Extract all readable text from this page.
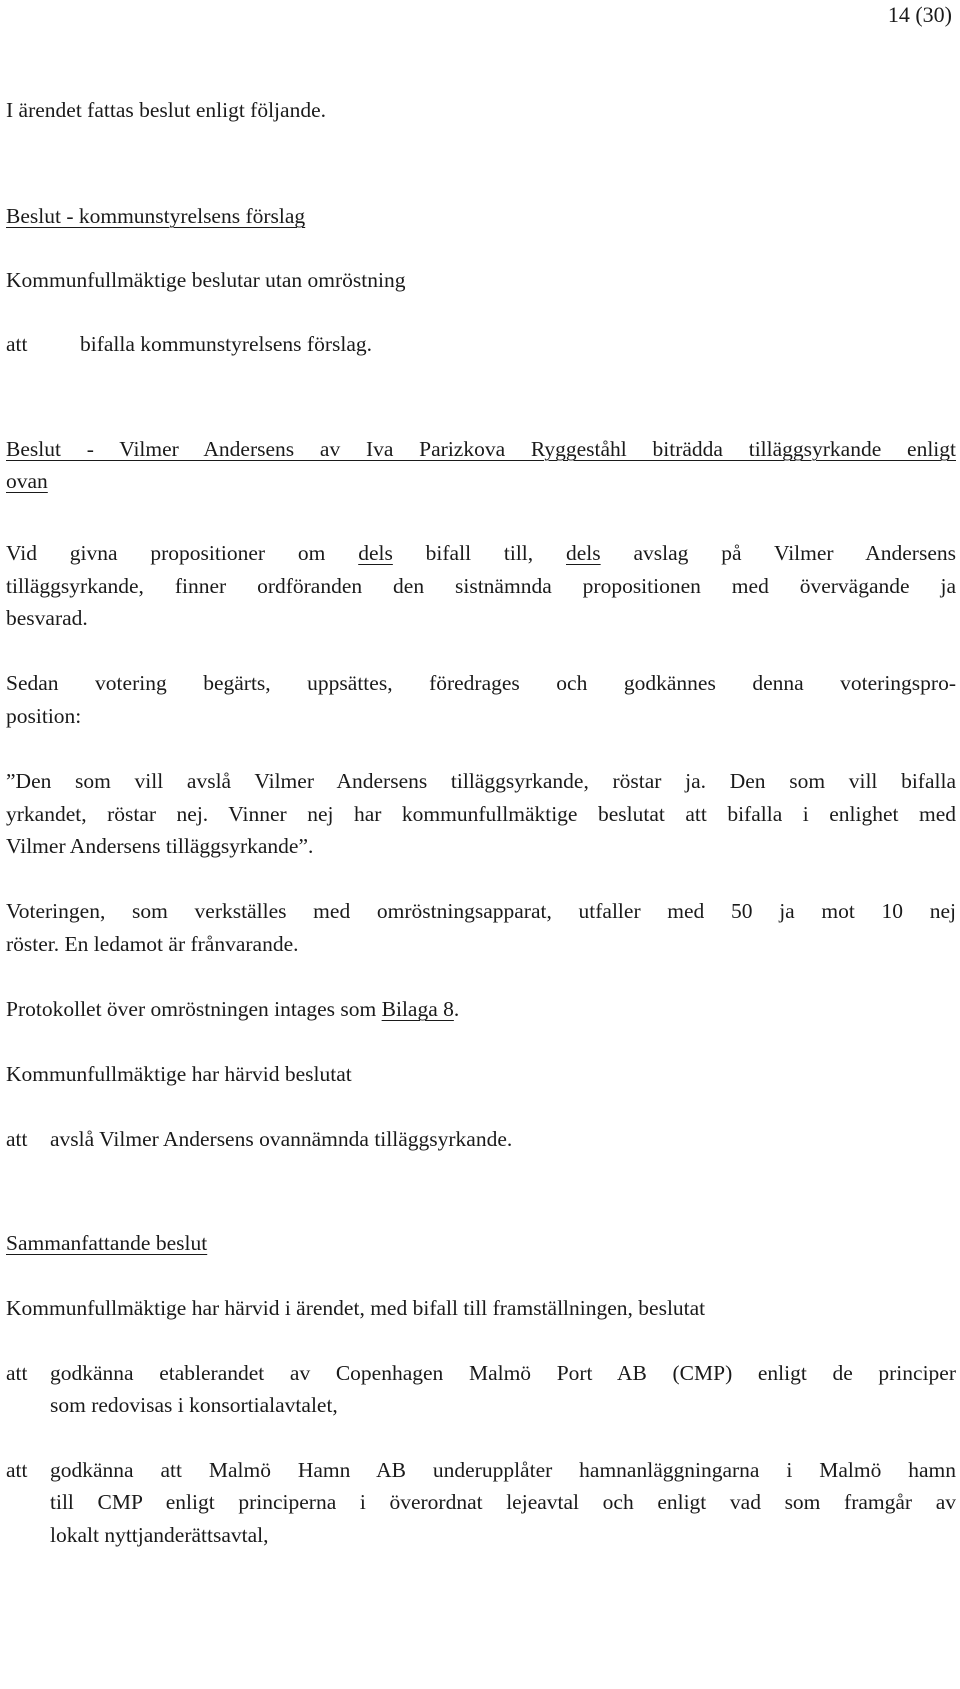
14 (30)
I ärendet fattas beslut enligt följande.
Beslut - kommunstyrelsens förslag
Kommunfullmäktige beslutar utan omröstning
att bifalla kommunstyrelsens förslag.
Beslut - Vilmer Andersens av Iva Parizkova Ryggeståhl biträdda tilläggsyrkande enligt
ovan
Vid givna propositioner om dels bifall till, dels avslag på Vilmer Andersens
tilläggsyrkande, finner ordföranden den sistnämnda propositionen med övervägande ja
besvarad.
Sedan votering begärts, uppsättes, föredrages och godkännes denna voteringspro-
position:
”Den som vill avslå Vilmer Andersens tilläggsyrkande, röstar ja. Den som vill bifalla
yrkandet, röstar nej. Vinner nej har kommunfullmäktige beslutat att bifalla i enlighet med
Vilmer Andersens tilläggsyrkande”.
Voteringen, som verkställes med omröstningsapparat, utfaller med 50 ja mot 10 nej
röster. En ledamot är frånvarande.
Protokollet över omröstningen intages som Bilaga 8.
Kommunfullmäktige har härvid beslutat
att avslå Vilmer Andersens ovannämnda tilläggsyrkande.
Sammanfattande beslut
Kommunfullmäktige har härvid i ärendet, med bifall till framställningen, beslutat
att godkänna etablerandet av Copenhagen Malmö Port AB (CMP) enligt de principer
som redovisas i konsortialavtalet,
att godkänna att Malmö Hamn AB underupplåter hamnanläggningarna i Malmö hamn
till CMP enligt principerna i överordnat lejeavtal och enligt vad som framgår av
lokalt nyttjanderättsavtal,
